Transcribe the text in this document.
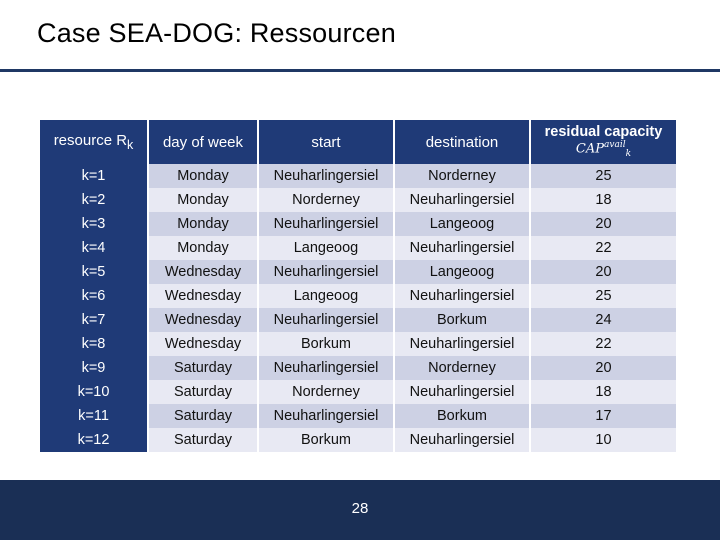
Case SEA-DOG: Ressourcen
resource $R_k$	day of week	start	destination	residual capacity
$CAP^{avail}_k$

k=1	Monday	Neuharlingersiel	Norderney	25
k=2	Monday	Norderney	Neuharlingersiel	18
k=3	Monday	Neuharlingersiel	Langeoog	20
k=4	Monday	Langeoog	Neuharlingersiel	22
k=5	Wednesday	Neuharlingersiel	Langeoog	20
k=6	Wednesday	Langeoog	Neuharlingersiel	25
k=7	Wednesday	Neuharlingersiel	Borkum	24
k=8	Wednesday	Borkum	Neuharlingersiel	22
k=9	Saturday	Neuharlingersiel	Norderney	20
k=10	Saturday	Norderney	Neuharlingersiel	18
k=11	Saturday	Neuharlingersiel	Borkum	17
k=12	Saturday	Borkum	Neuharlingersiel	10
28
